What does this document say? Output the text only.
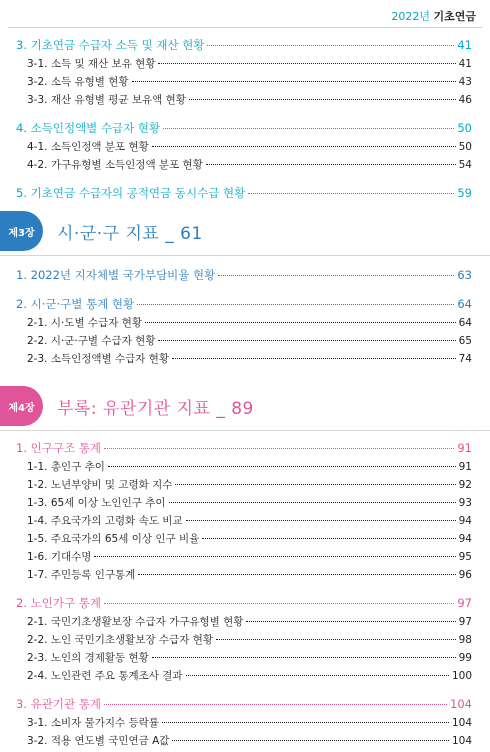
2022년 기초연금
3. 기초연금 수급자 소득 및 재산 현황	41
3-1. 소득 및 재산 보유 현황	41
3-2. 소득 유형별 현황	43
3-3. 재산 유형별 평균 보유액 현황	46
4. 소득인정액별 수급자 현황	50
4-1. 소득인정액 분포 현황	50
4-2. 가구유형별 소득인정액 분포 현황	54
5. 기초연금 수급자의 공적연금 동시수급 현황	59
제3장	시·군·구 지표 _ 61
1. 2022년 지자체별 국가부담비율 현황	63
2. 시·군·구별 통계 현황	64
2-1. 시·도별 수급자 현황	64
2-2. 시·군·구별 수급자 현황	65
2-3. 소득인정액별 수급자 현황	74
제4장	부록: 유관기관 지표 _ 89
1. 인구구조 통계	91
1-1. 총인구 추이	91
1-2. 노년부양비 및 고령화 지수	92
1-3. 65세 이상 노인인구 추이	93
1-4. 주요국가의 고령화 속도 비교	94
1-5. 주요국가의 65세 이상 인구 비율	94
1-6. 기대수명	95
1-7. 주민등록 인구통계	96
2. 노인가구 통계	97
2-1. 국민기초생활보장 수급자 가구유형별 현황	97
2-2. 노인 국민기초생활보장 수급자 현황	98
2-3. 노인의 경제활동 현황	99
2-4. 노인관련 주요 통계조사 결과	100
3. 유관기관 통계	104
3-1. 소비자 물가지수 등락률	104
3-2. 적용 연도별 국민연금 A값	104
